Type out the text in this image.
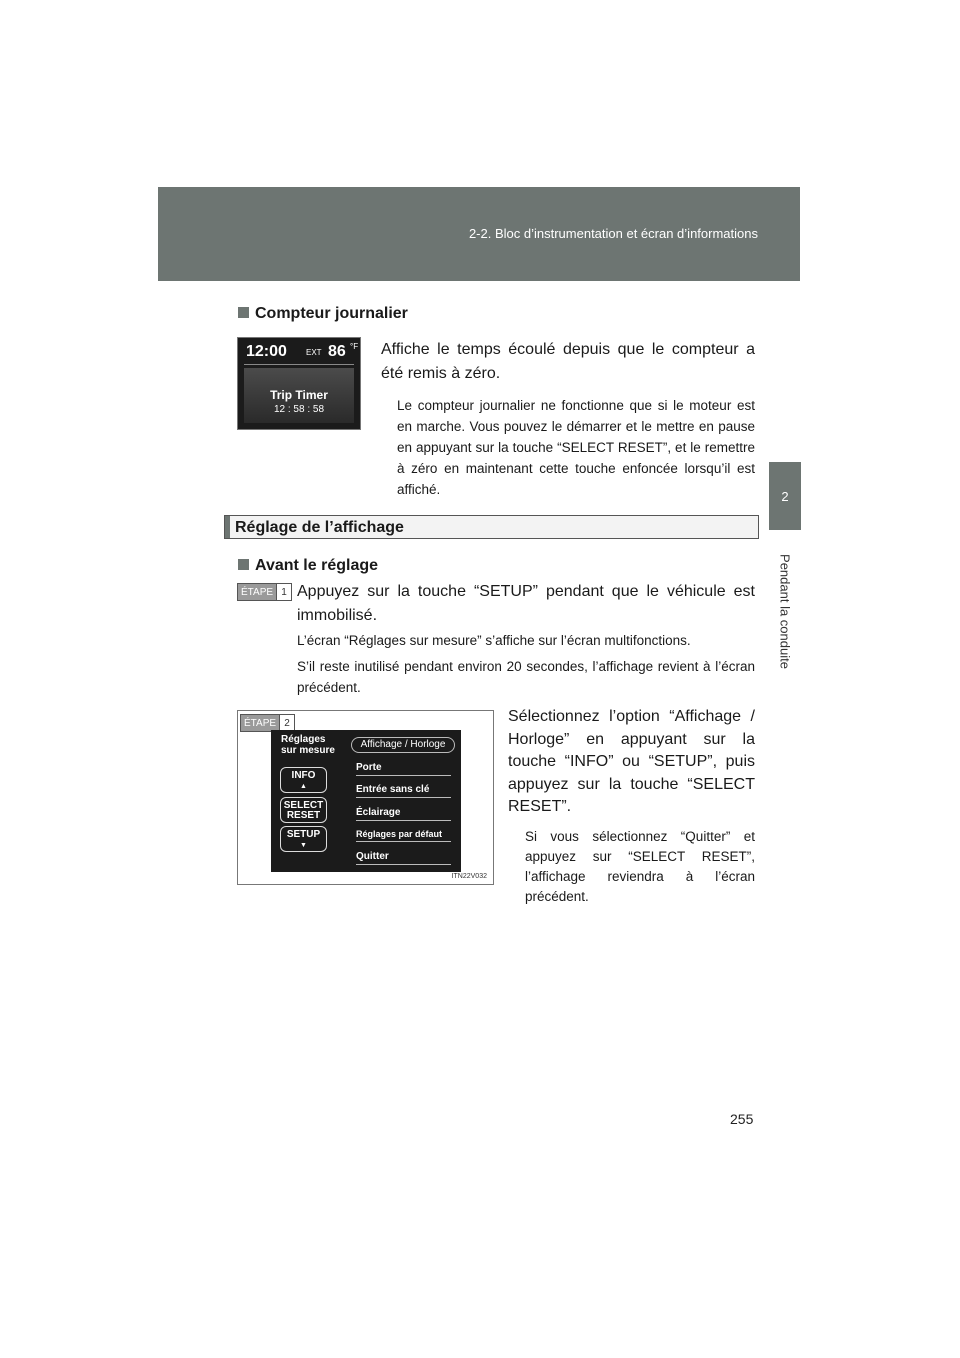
2-2. Bloc d’instrumentation et écran d’informations
2
Pendant la conduite
Compteur journalier
12:00 EXT 86 °F
Trip Timer
12 : 58 : 58
Affiche le temps écoulé depuis que le compteur a été remis à zéro.
Le compteur journalier ne fonctionne que si le moteur est en marche. Vous pouvez le démarrer et le mettre en pause en appuyant sur la touche “SELECT RESET”, et le remettre à zéro en maintenant cette touche enfoncée lorsqu’il est affiché.
Réglage de l’affichage
Avant le réglage
ÉTAPE 1 Appuyez sur la touche “SETUP” pendant que le véhicule est immobilisé.
L’écran “Réglages sur mesure” s’affiche sur l’écran multifonctions.
S’il reste inutilisé pendant environ 20 secondes, l’affichage revient à l’écran précédent.
ÉTAPE 2
Réglages
sur mesure
Affichage / Horloge
INFO
▲
SELECT
RESET
SETUP
▼
Porte
Entrée sans clé
Éclairage
Réglages par défaut
Quitter
ITN22V032
Sélectionnez l’option “Affichage / Horloge” en appuyant sur la touche “INFO” ou “SETUP”, puis appuyez sur la touche “SELECT RESET”.
Si vous sélectionnez “Quitter” et appuyez sur “SELECT RESET”, l’affichage reviendra à l’écran précédent.
255
